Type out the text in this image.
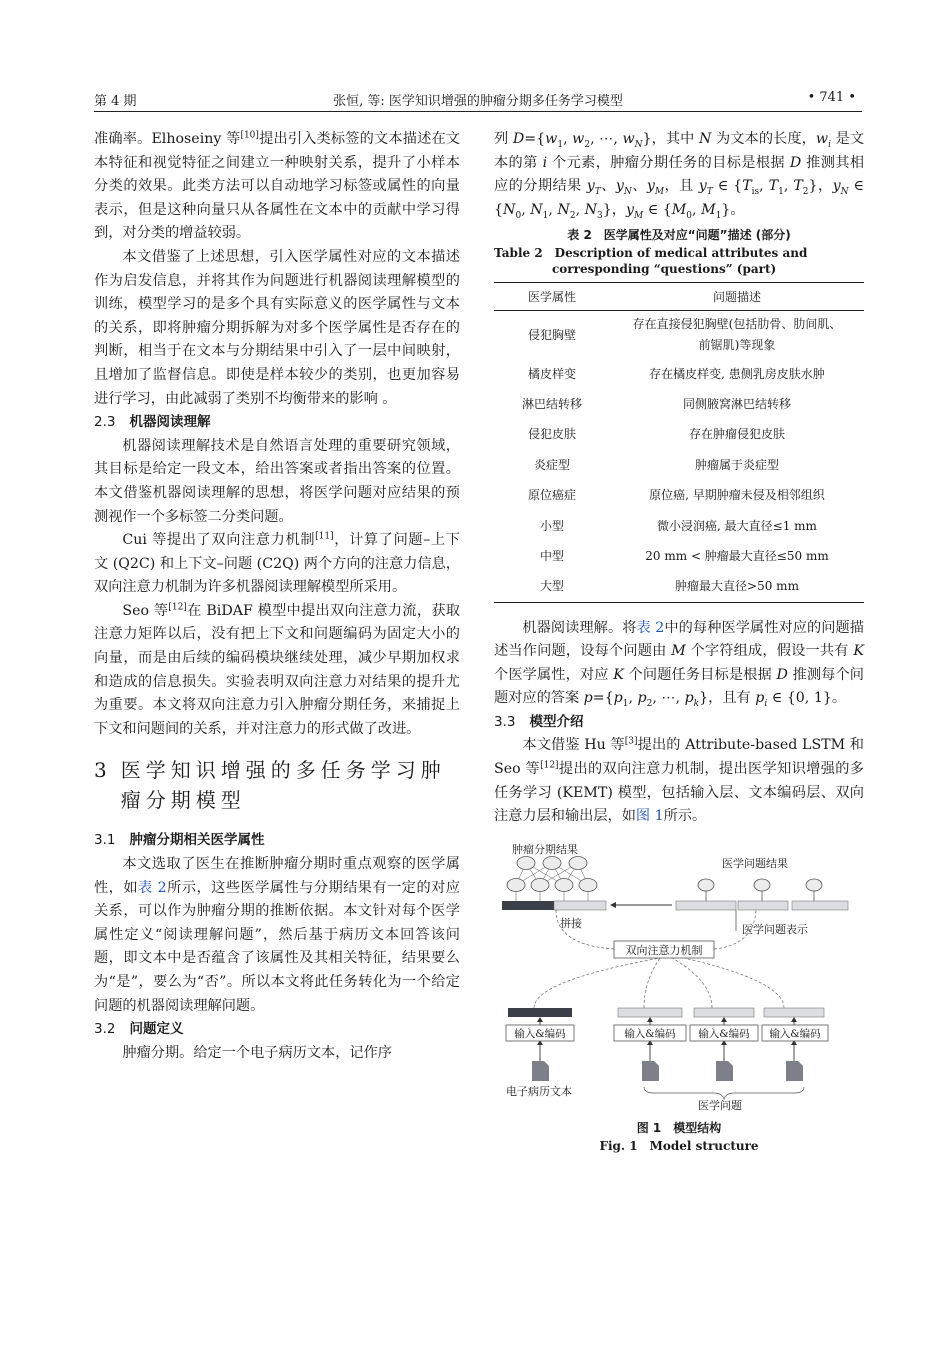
第 4 期	张恒, 等: 医学知识增强的肿瘤分期多任务学习模型	• 741 •

准确率。Elhoseiny 等[10]提出引入类标签的文本描述在文本特征和视觉特征之间建立一种映射关系，提升了小样本分类的效果。此类方法可以自动地学习标签或属性的向量表示，但是这种向量只从各属性在文本中的贡献中学习得到，对分类的增益较弱。

本文借鉴了上述思想，引入医学属性对应的文本描述作为启发信息，并将其作为问题进行机器阅读理解模型的训练，模型学习的是多个具有实际意义的医学属性与文本的关系，即将肿瘤分期拆解为对多个医学属性是否存在的判断，相当于在文本与分期结果中引入了一层中间映射，且增加了监督信息。即使是样本较少的类别，也更加容易进行学习，由此减弱了类别不均衡带来的影响 。

2.3 机器阅读理解

机器阅读理解技术是自然语言处理的重要研究领域，其目标是给定一段文本，给出答案或者指出答案的位置。本文借鉴机器阅读理解的思想，将医学问题对应结果的预测视作一个多标签二分类问题。

Cui 等提出了双向注意力机制[11]，计算了问题–上下文 (Q2C) 和上下文–问题 (C2Q) 两个方向的注意力信息，双向注意力机制为许多机器阅读理解模型所采用。

Seo 等[12]在 BiDAF 模型中提出双向注意力流，获取注意力矩阵以后，没有把上下文和问题编码为固定大小的向量，而是由后续的编码模块继续处理，减少早期加权求和造成的信息损失。实验表明双向注意力对结果的提升尤为重要。本文将双向注意力引入肿瘤分期任务，来捕捉上下文和问题间的关系，并对注意力的形式做了改进。

3 医学知识增强的多任务学习肿瘤分期模型
3.1 肿瘤分期相关医学属性

本文选取了医生在推断肿瘤分期时重点观察的医学属性，如表 2所示，这些医学属性与分期结果有一定的对应关系，可以作为肿瘤分期的推断依据。本文针对每个医学属性定义“阅读理解问题”，然后基于病历文本回答该问题，即文本中是否蕴含了该属性及其相关特征，结果要么为“是”，要么为“否”。所以本文将此任务转化为一个给定问题的机器阅读理解问题。

3.2 问题定义

肿瘤分期。给定一个电子病历文本，记作序

列 $D=\{w_1$, $w_2$, ⋯, $w_N$}，其中 N 为文本的长度，$w_i$ 是文本的第 i 个元素，肿瘤分期任务的目标是根据 D 推测其相应的分期结果 $y_T$、$y_N$、$y_M$，且 $y_T$ ∈ {$T_{is}$, $T_1$, $T_2$}，$y_N$ ∈ {$N_0$, $N_1$, $N_2$, $N_3$}，$y_M$ ∈ {$M_0$, $M_1$}。

表 2　医学属性及对应“问题”描述 (部分)
Table 2　Description of medical attributes and corresponding “questions” (part)
医学属性	问题描述
侵犯胸壁	存在直接侵犯胸壁(包括肋骨、肋间肌、前锯肌)等现象
橘皮样变	存在橘皮样变, 患侧乳房皮肤水肿
淋巴结转移	同侧腋窝淋巴结转移
侵犯皮肤	存在肿瘤侵犯皮肤
炎症型	肿瘤属于炎症型
原位癌症	原位癌, 早期肿瘤未侵及相邻组织
小型	微小浸润癌, 最大直径≤1 mm
中型	20 mm < 肿瘤最大直径≤50 mm
大型	肿瘤最大直径>50 mm

机器阅读理解。将表 2中的每种医学属性对应的问题描述当作问题，设每个问题由 M 个字符组成，假设一共有 K 个医学属性，对应 K 个问题任务目标是根据 D 推测每个问题对应的答案 $p=\{p_1$, $p_2$, ⋯, $p_k$}，且有 $p_i$ ∈ {0, 1}。

3.3 模型介绍

本文借鉴 Hu 等[3]提出的 Attribute-based LSTM 和 Seo 等[12]提出的双向注意力机制，提出医学知识增强的多任务学习 (KEMT) 模型，包括输入层、文本编码层、双向注意力层和输出层，如图 1所示。

肿瘤分期结果
医学问题结果
拼接	医学问题表示
双向注意力机制
输入&编码	输入&编码	输入&编码	输入&编码
电子病历文本
医学问题
图 1　模型结构
Fig. 1　Model structure
